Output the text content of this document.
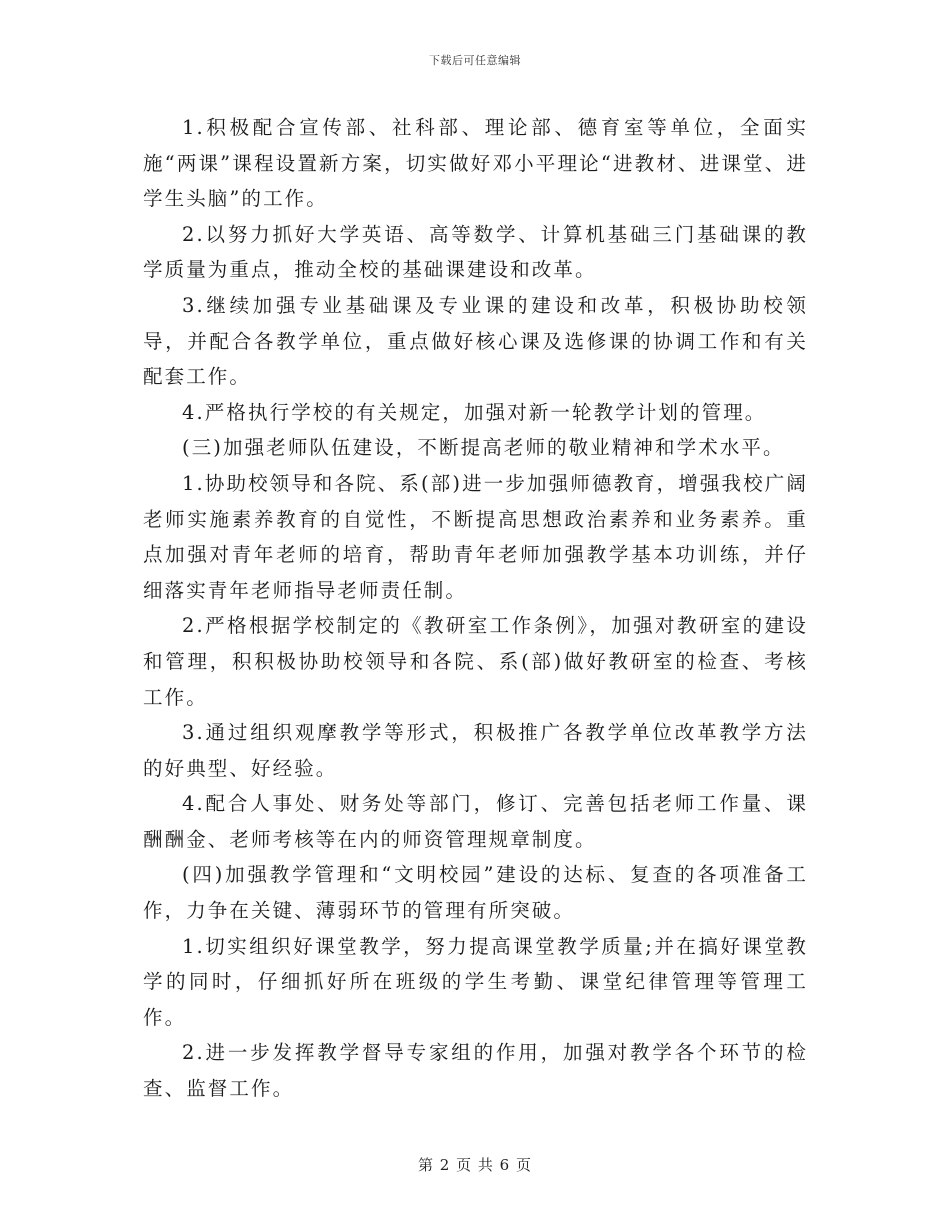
下载后可任意编辑

1.积极配合宣传部、社科部、理论部、德育室等单位，全面实施“两课”课程设置新方案，切实做好邓小平理论“进教材、进课堂、进学生头脑”的工作。

2.以努力抓好大学英语、高等数学、计算机基础三门基础课的教学质量为重点，推动全校的基础课建设和改革。

3.继续加强专业基础课及专业课的建设和改革，积极协助校领导，并配合各教学单位，重点做好核心课及选修课的协调工作和有关配套工作。

4.严格执行学校的有关规定，加强对新一轮教学计划的管理。

(三)加强老师队伍建设，不断提高老师的敬业精神和学术水平。

1.协助校领导和各院、系(部)进一步加强师德教育，增强我校广阔老师实施素养教育的自觉性，不断提高思想政治素养和业务素养。重点加强对青年老师的培育，帮助青年老师加强教学基本功训练，并仔细落实青年老师指导老师责任制。

2.严格根据学校制定的《教研室工作条例》，加强对教研室的建设和管理，积积极协助校领导和各院、系(部)做好教研室的检查、考核工作。

3.通过组织观摩教学等形式，积极推广各教学单位改革教学方法的好典型、好经验。

4.配合人事处、财务处等部门，修订、完善包括老师工作量、课酬酬金、老师考核等在内的师资管理规章制度。

(四)加强教学管理和“文明校园”建设的达标、复查的各项准备工作，力争在关键、薄弱环节的管理有所突破。

1.切实组织好课堂教学，努力提高课堂教学质量;并在搞好课堂教学的同时，仔细抓好所在班级的学生考勤、课堂纪律管理等管理工作。

2.进一步发挥教学督导专家组的作用，加强对教学各个环节的检查、监督工作。

第 2 页 共 6 页
